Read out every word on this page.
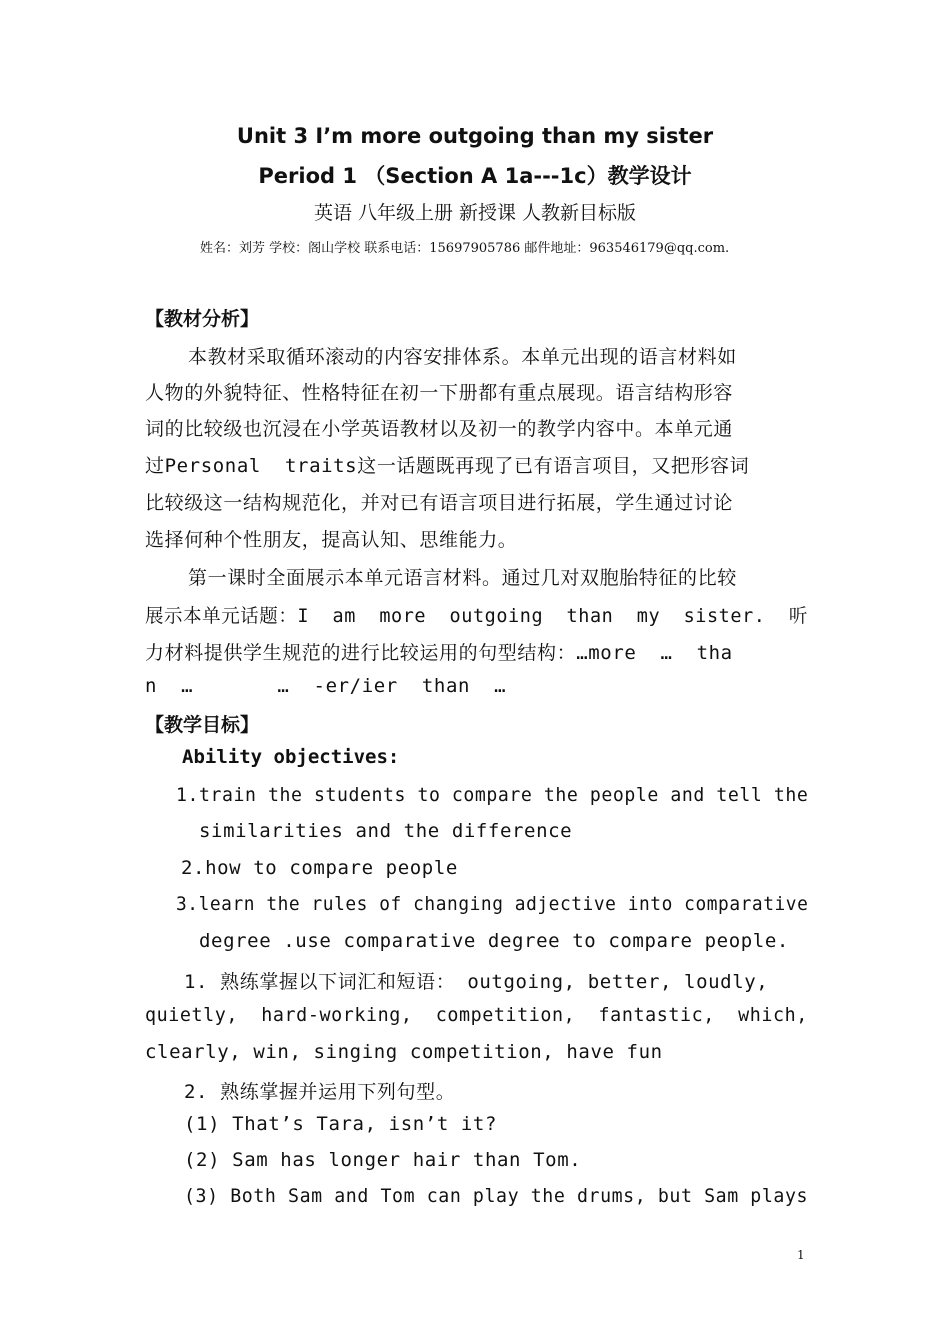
Unit 3 I’m more outgoing than my sister
Period 1 （Section A 1a---1c）教学设计
英语 八年级上册 新授课 人教新目标版
姓名：刘芳 学校：阁山学校 联系电话：15697905786 邮件地址：963546179@qq.com.
【教材分析】
本教材采取循环滚动的内容安排体系。本单元出现的语言材料如
人物的外貌特征、性格特征在初一下册都有重点展现。语言结构形容
词的比较级也沉浸在小学英语教材以及初一的教学内容中。本单元通
过Personal  traits这一话题既再现了已有语言项目，又把形容词
比较级这一结构规范化，并对已有语言项目进行拓展，学生通过讨论
选择何种个性朋友，提高认知、思维能力。
第一课时全面展示本单元语言材料。通过几对双胞胎特征的比较
展示本单元话题：I  am  more  outgoing  than  my  sister.  听
力材料提供学生规范的进行比较运用的句型结构：…more  …  tha
n  …       …  -er/ier  than  …
【教学目标】
Ability objectives:
1.train the students to compare the people and tell the
similarities and the difference
2.how to compare people
3.learn the rules of changing adjective into comparative
degree .use comparative degree to compare people.
1. 熟练掌握以下词汇和短语： outgoing, better, loudly,
quietly,  hard-working,  competition,  fantastic,  which,
clearly, win, singing competition, have fun
2. 熟练掌握并运用下列句型。
(1) That’s Tara, isn’t it?
(2) Sam has longer hair than Tom.
(3) Both Sam and Tom can play the drums, but Sam plays
1
